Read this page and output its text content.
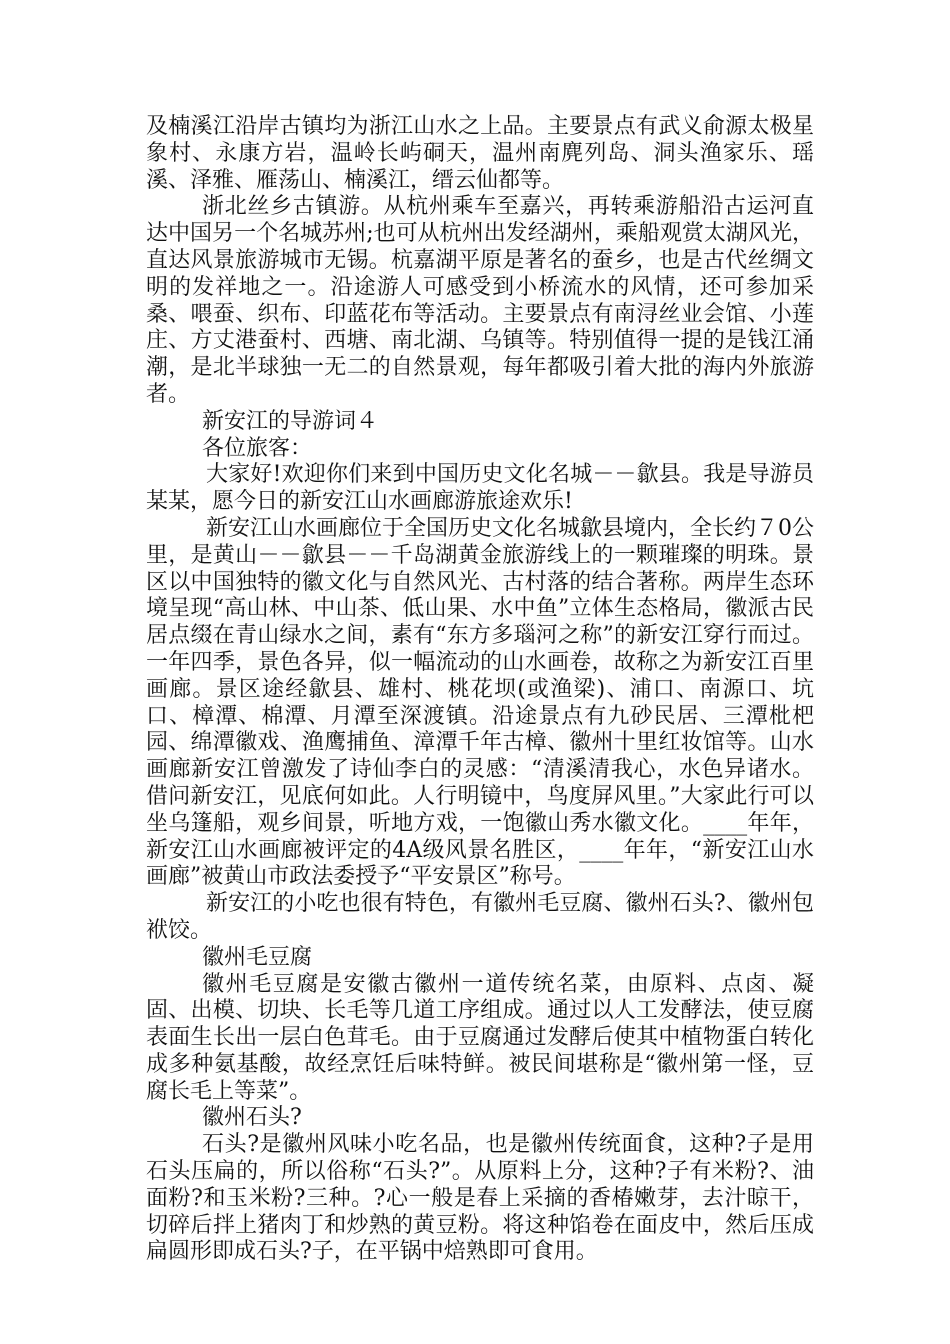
及楠溪江沿岸古镇均为浙江山水之上品。主要景点有武义俞源太极星象村、永康方岩，温岭长屿硐天，温州南麂列岛、洞头渔家乐、瑶溪、泽雅、雁荡山、楠溪江，缙云仙都等。

浙北丝乡古镇游。从杭州乘车至嘉兴，再转乘游船沿古运河直达中国另一个名城苏州;也可从杭州出发经湖州，乘船观赏太湖风光，直达风景旅游城市无锡。杭嘉湖平原是著名的蚕乡，也是古代丝绸文明的发祥地之一。沿途游人可感受到小桥流水的风情，还可参加采桑、喂蚕、织布、印蓝花布等活动。主要景点有南浔丝业会馆、小莲庄、方丈港蚕村、西塘、南北湖、乌镇等。特别值得一提的是钱江涌潮，是北半球独一无二的自然景观，每年都吸引着大批的海内外旅游者。

新安江的导游词４

各位旅客：

大家好!欢迎你们来到中国历史文化名城－－歙县。我是导游员某某，愿今日的新安江山水画廊游旅途欢乐!

新安江山水画廊位于全国历史文化名城歙县境内，全长约７0公里，是黄山－－歙县－－千岛湖黄金旅游线上的一颗璀璨的明珠。景区以中国独特的徽文化与自然风光、古村落的结合著称。两岸生态环境呈现“高山林、中山茶、低山果、水中鱼”立体生态格局，徽派古民居点缀在青山绿水之间，素有“东方多瑙河之称”的新安江穿行而过。一年四季，景色各异，似一幅流动的山水画卷，故称之为新安江百里画廊。景区途经歙县、雄村、桃花坝(或渔梁)、浦口、南源口、坑口、樟潭、棉潭、月潭至深渡镇。沿途景点有九砂民居、三潭枇杷园、绵潭徽戏、渔鹰捕鱼、漳潭千年古樟、徽州十里红妆馆等。山水画廊新安江曾激发了诗仙李白的灵感：“清溪清我心，水色异诸水。借问新安江，见底何如此。人行明镜中，鸟度屏风里。”大家此行可以坐乌篷船，观乡间景，听地方戏，一饱徽山秀水徽文化。____年年，新安江山水画廊被评定的4A级风景名胜区，____年年，“新安江山水画廊”被黄山市政法委授予“平安景区”称号。

新安江的小吃也很有特色，有徽州毛豆腐、徽州石头?、徽州包袱饺。

徽州毛豆腐

徽州毛豆腐是安徽古徽州一道传统名菜，由原料、点卤、凝固、出模、切块、长毛等几道工序组成。通过以人工发酵法，使豆腐表面生长出一层白色茸毛。由于豆腐通过发酵后使其中植物蛋白转化成多种氨基酸，故经烹饪后味特鲜。被民间堪称是“徽州第一怪，豆腐长毛上等菜”。

徽州石头?

石头?是徽州风味小吃名品，也是徽州传统面食，这种?子是用石头压扁的，所以俗称“石头?”。从原料上分，这种?子有米粉?、油面粉?和玉米粉?三种。?心一般是春上采摘的香椿嫩芽，去汁晾干，切碎后拌上猪肉丁和炒熟的黄豆粉。将这种馅卷在面皮中，然后压成扁圆形即成石头?子，在平锅中焙熟即可食用。
